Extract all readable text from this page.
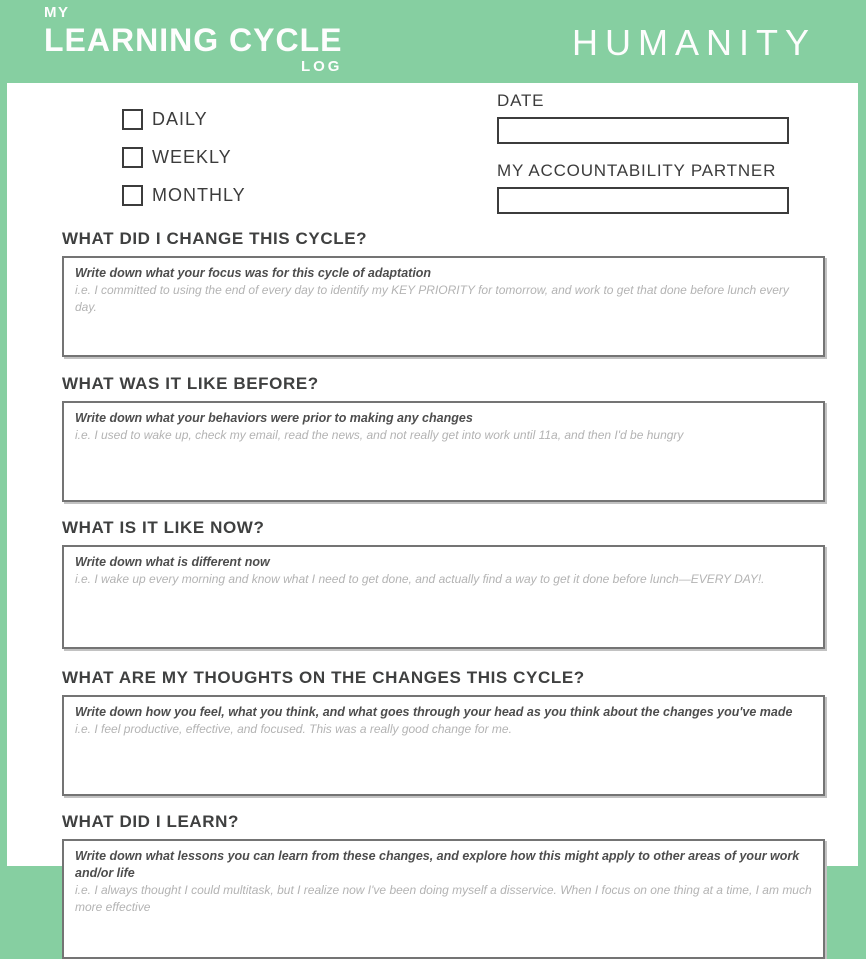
MY
LEARNING CYCLE
LOG
HUMANITY
DAILY
WEEKLY
MONTHLY
DATE
MY ACCOUNTABILITY PARTNER
WHAT DID I CHANGE THIS CYCLE?
Write down what your focus was for this cycle of adaptation
i.e. I committed to using the end of every day to identify my KEY PRIORITY for tomorrow, and work to get that done before lunch every day.
WHAT WAS IT LIKE BEFORE?
Write down what your behaviors were prior to making any changes
i.e. I used to wake up, check my email, read the news, and not really get into work until 11a, and then I'd be hungry
WHAT IS IT LIKE NOW?
Write down what is different now
i.e. I wake up every morning and know what I need to get done, and actually find a way to get it done before lunch—EVERY DAY!.
WHAT ARE MY THOUGHTS ON THE CHANGES THIS CYCLE?
Write down how you feel, what you think, and what goes through your head as you think about the changes you've made
i.e. I feel productive, effective, and focused. This was a really good change for me.
WHAT DID I LEARN?
Write down what lessons you can learn from these changes, and explore how this might apply to other areas of your work and/or life
i.e. I always thought I could multitask, but I realize now I've been doing myself a disservice. When I focus on one thing at a time, I am much more effective
